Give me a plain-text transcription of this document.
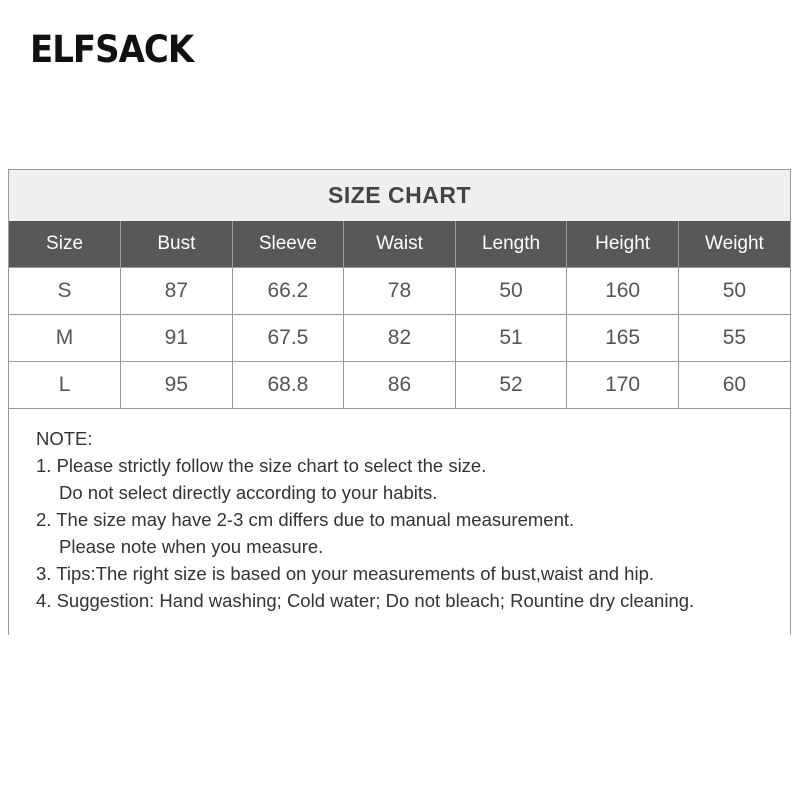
ELFSACK
SIZE CHART
Size	Bust	Sleeve	Waist	Length	Height	Weight
S	87	66.2	78	50	160	50
M	91	67.5	82	51	165	55
L	95	68.8	86	52	170	60
NOTE:
1. Please strictly follow the size chart to select the size.
Do not select directly according to your habits.
2. The size may have 2-3 cm differs due to manual measurement.
Please note when you measure.
3. Tips:The right size is based on your measurements of bust,waist and hip.
4. Suggestion: Hand washing; Cold water; Do not bleach; Rountine dry cleaning.
